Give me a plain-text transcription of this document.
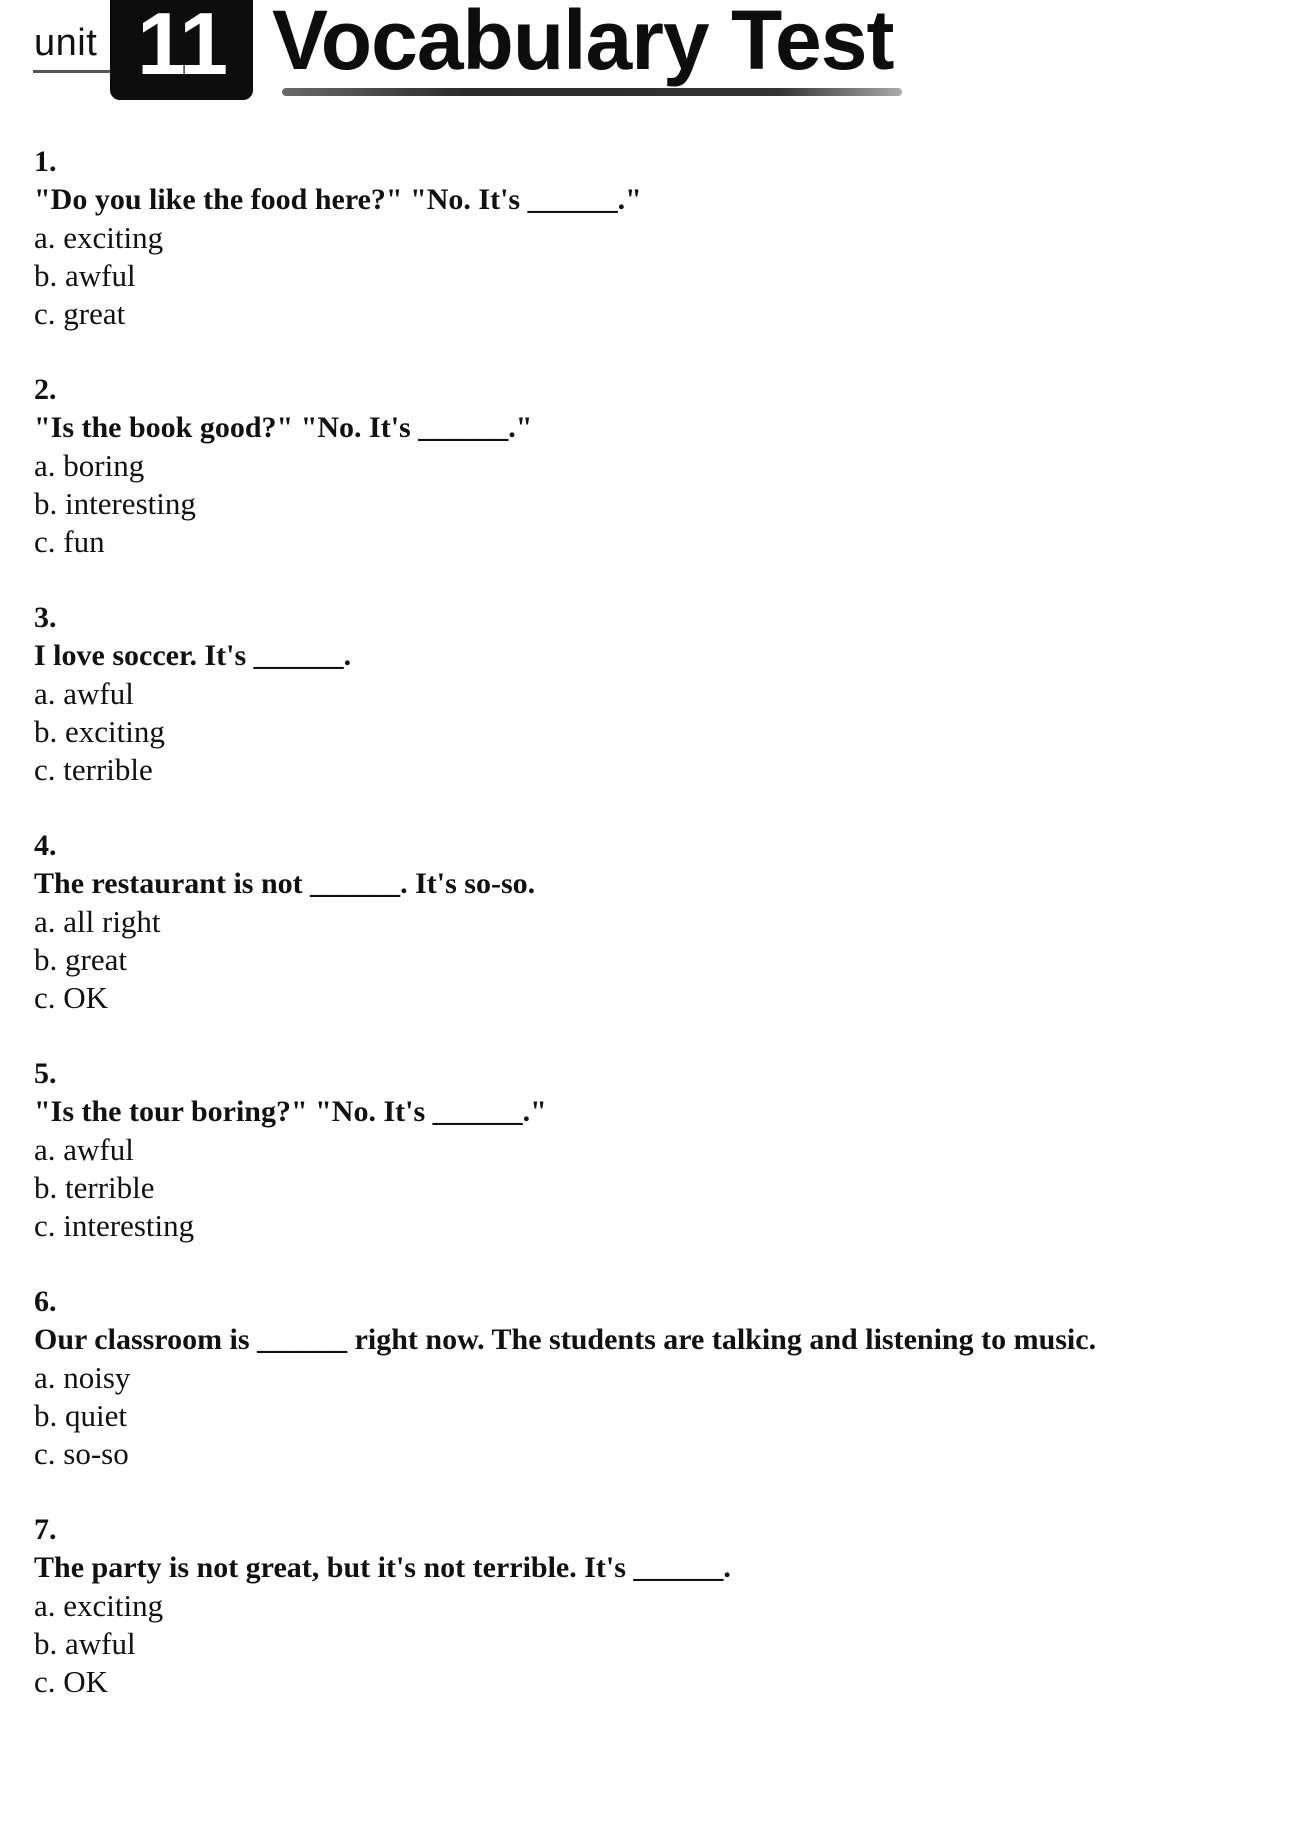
unit 11 Vocabulary Test
1.
"Do you like the food here?" "No. It's ______."
a. exciting
b. awful
c. great
2.
"Is the book good?" "No. It's ______."
a. boring
b. interesting
c. fun
3.
I love soccer. It's ______.
a. awful
b. exciting
c. terrible
4.
The restaurant is not ______. It's so-so.
a. all right
b. great
c. OK
5.
"Is the tour boring?" "No. It's ______."
a. awful
b. terrible
c. interesting
6.
Our classroom is ______ right now. The students are talking and listening to music.
a. noisy
b. quiet
c. so-so
7.
The party is not great, but it's not terrible. It's ______.
a. exciting
b. awful
c. OK
